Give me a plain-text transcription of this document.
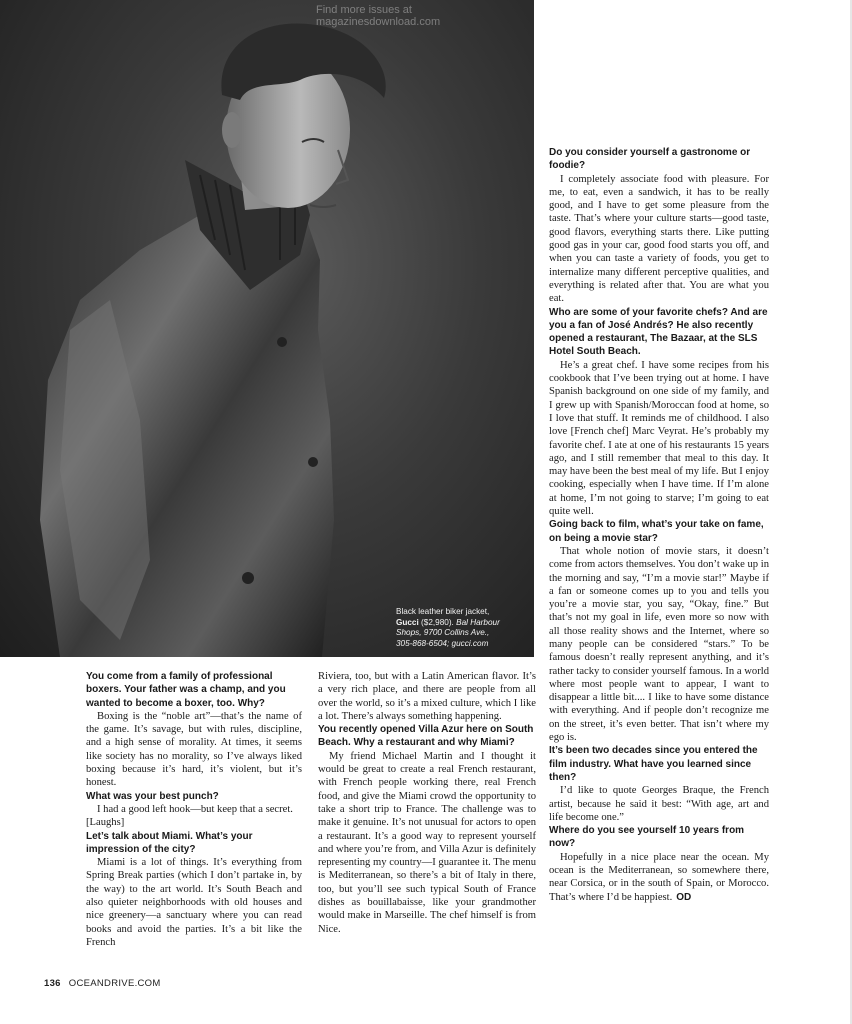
Find more issues at
magazinesdownload.com
Black leather biker jacket,
Gucci ($2,980). Bal Harbour
Shops, 9700 Collins Ave.,
305-868-6504; gucci.com

You come from a family of professional boxers. Your father was a champ, and you wanted to become a boxer, too. Why?

Boxing is the “noble art”—that’s the name of the game. It’s savage, but with rules, discipline, and a high sense of morality. At times, it seems like society has no morality, so I’ve always liked boxing because it’s hard, it’s violent, but it’s honest.

What was your best punch?

I had a good left hook—but keep that a secret.

[Laughs]

Let’s talk about Miami. What’s your impression of the city?

Miami is a lot of things. It’s everything from Spring Break parties (which I don’t partake in, by the way) to the art world. It’s South Beach and also quieter neighborhoods with old houses and nice greenery—a sanctuary where you can read books and avoid the parties. It’s a bit like the French

Riviera, too, but with a Latin American flavor. It’s a very rich place, and there are people from all over the world, so it’s a mixed culture, which I like a lot. There’s always something happening.

You recently opened Villa Azur here on South Beach. Why a restaurant and why Miami?

My friend Michael Martin and I thought it would be great to create a real French restaurant, with French people working there, real French food, and give the Miami crowd the opportunity to take a short trip to France. The challenge was to make it genuine. It’s not unusual for actors to open a restaurant. It’s a good way to represent yourself and where you’re from, and Villa Azur is definitely representing my country—I guarantee it. The menu is Mediterranean, so there’s a bit of Italy in there, too, but you’ll see such typical South of France dishes as bouillabaisse, like your grandmother would make in Marseille. The chef himself is from Nice.

Do you consider yourself a gastronome or foodie?

I completely associate food with pleasure. For me, to eat, even a sandwich, it has to be really good, and I have to get some pleasure from the taste. That’s where your culture starts—good taste, good flavors, everything starts there. Like putting good gas in your car, good food starts you off, and when you can taste a variety of foods, you get to internalize many different perceptive qualities, and everything is related after that. You are what you eat.

Who are some of your favorite chefs? And are you a fan of José Andrés? He also recently opened a restaurant, The Bazaar, at the SLS Hotel South Beach.

He’s a great chef. I have some recipes from his cookbook that I’ve been trying out at home. I have Spanish background on one side of my family, and I grew up with Spanish/Moroccan food at home, so I love that stuff. It reminds me of childhood. I also love [French chef] Marc Veyrat. He’s probably my favorite chef. I ate at one of his restaurants 15 years ago, and I still remember that meal to this day. It may have been the best meal of my life. But I enjoy cooking, especially when I have time. If I’m alone at home, I’m not going to starve; I’m going to eat quite well.

Going back to film, what’s your take on fame, on being a movie star?

That whole notion of movie stars, it doesn’t come from actors themselves. You don’t wake up in the morning and say, “I’m a movie star!” Maybe if a fan or someone comes up to you and tells you you’re a movie star, you say, “Okay, fine.” But that’s not my goal in life, even more so now with all those reality shows and the Internet, where so many people can be considered “stars.” To be famous doesn’t really represent anything, and it’s rather tacky to consider yourself famous. In a world where most people want to appear, I want to disappear a little bit.... I like to have some distance with everything. And if people don’t recognize me on the street, it’s even better. That isn’t where my ego is.

It’s been two decades since you entered the film industry. What have you learned since then?

I’d like to quote Georges Braque, the French artist, because he said it best: “With age, art and life become one.”

Where do you see yourself 10 years from now?

Hopefully in a nice place near the ocean. My ocean is the Mediterranean, so somewhere there, near Corsica, or in the south of Spain, or Morocco. That’s where I’d be happiest. OD

136 OCEANDRIVE.COM
